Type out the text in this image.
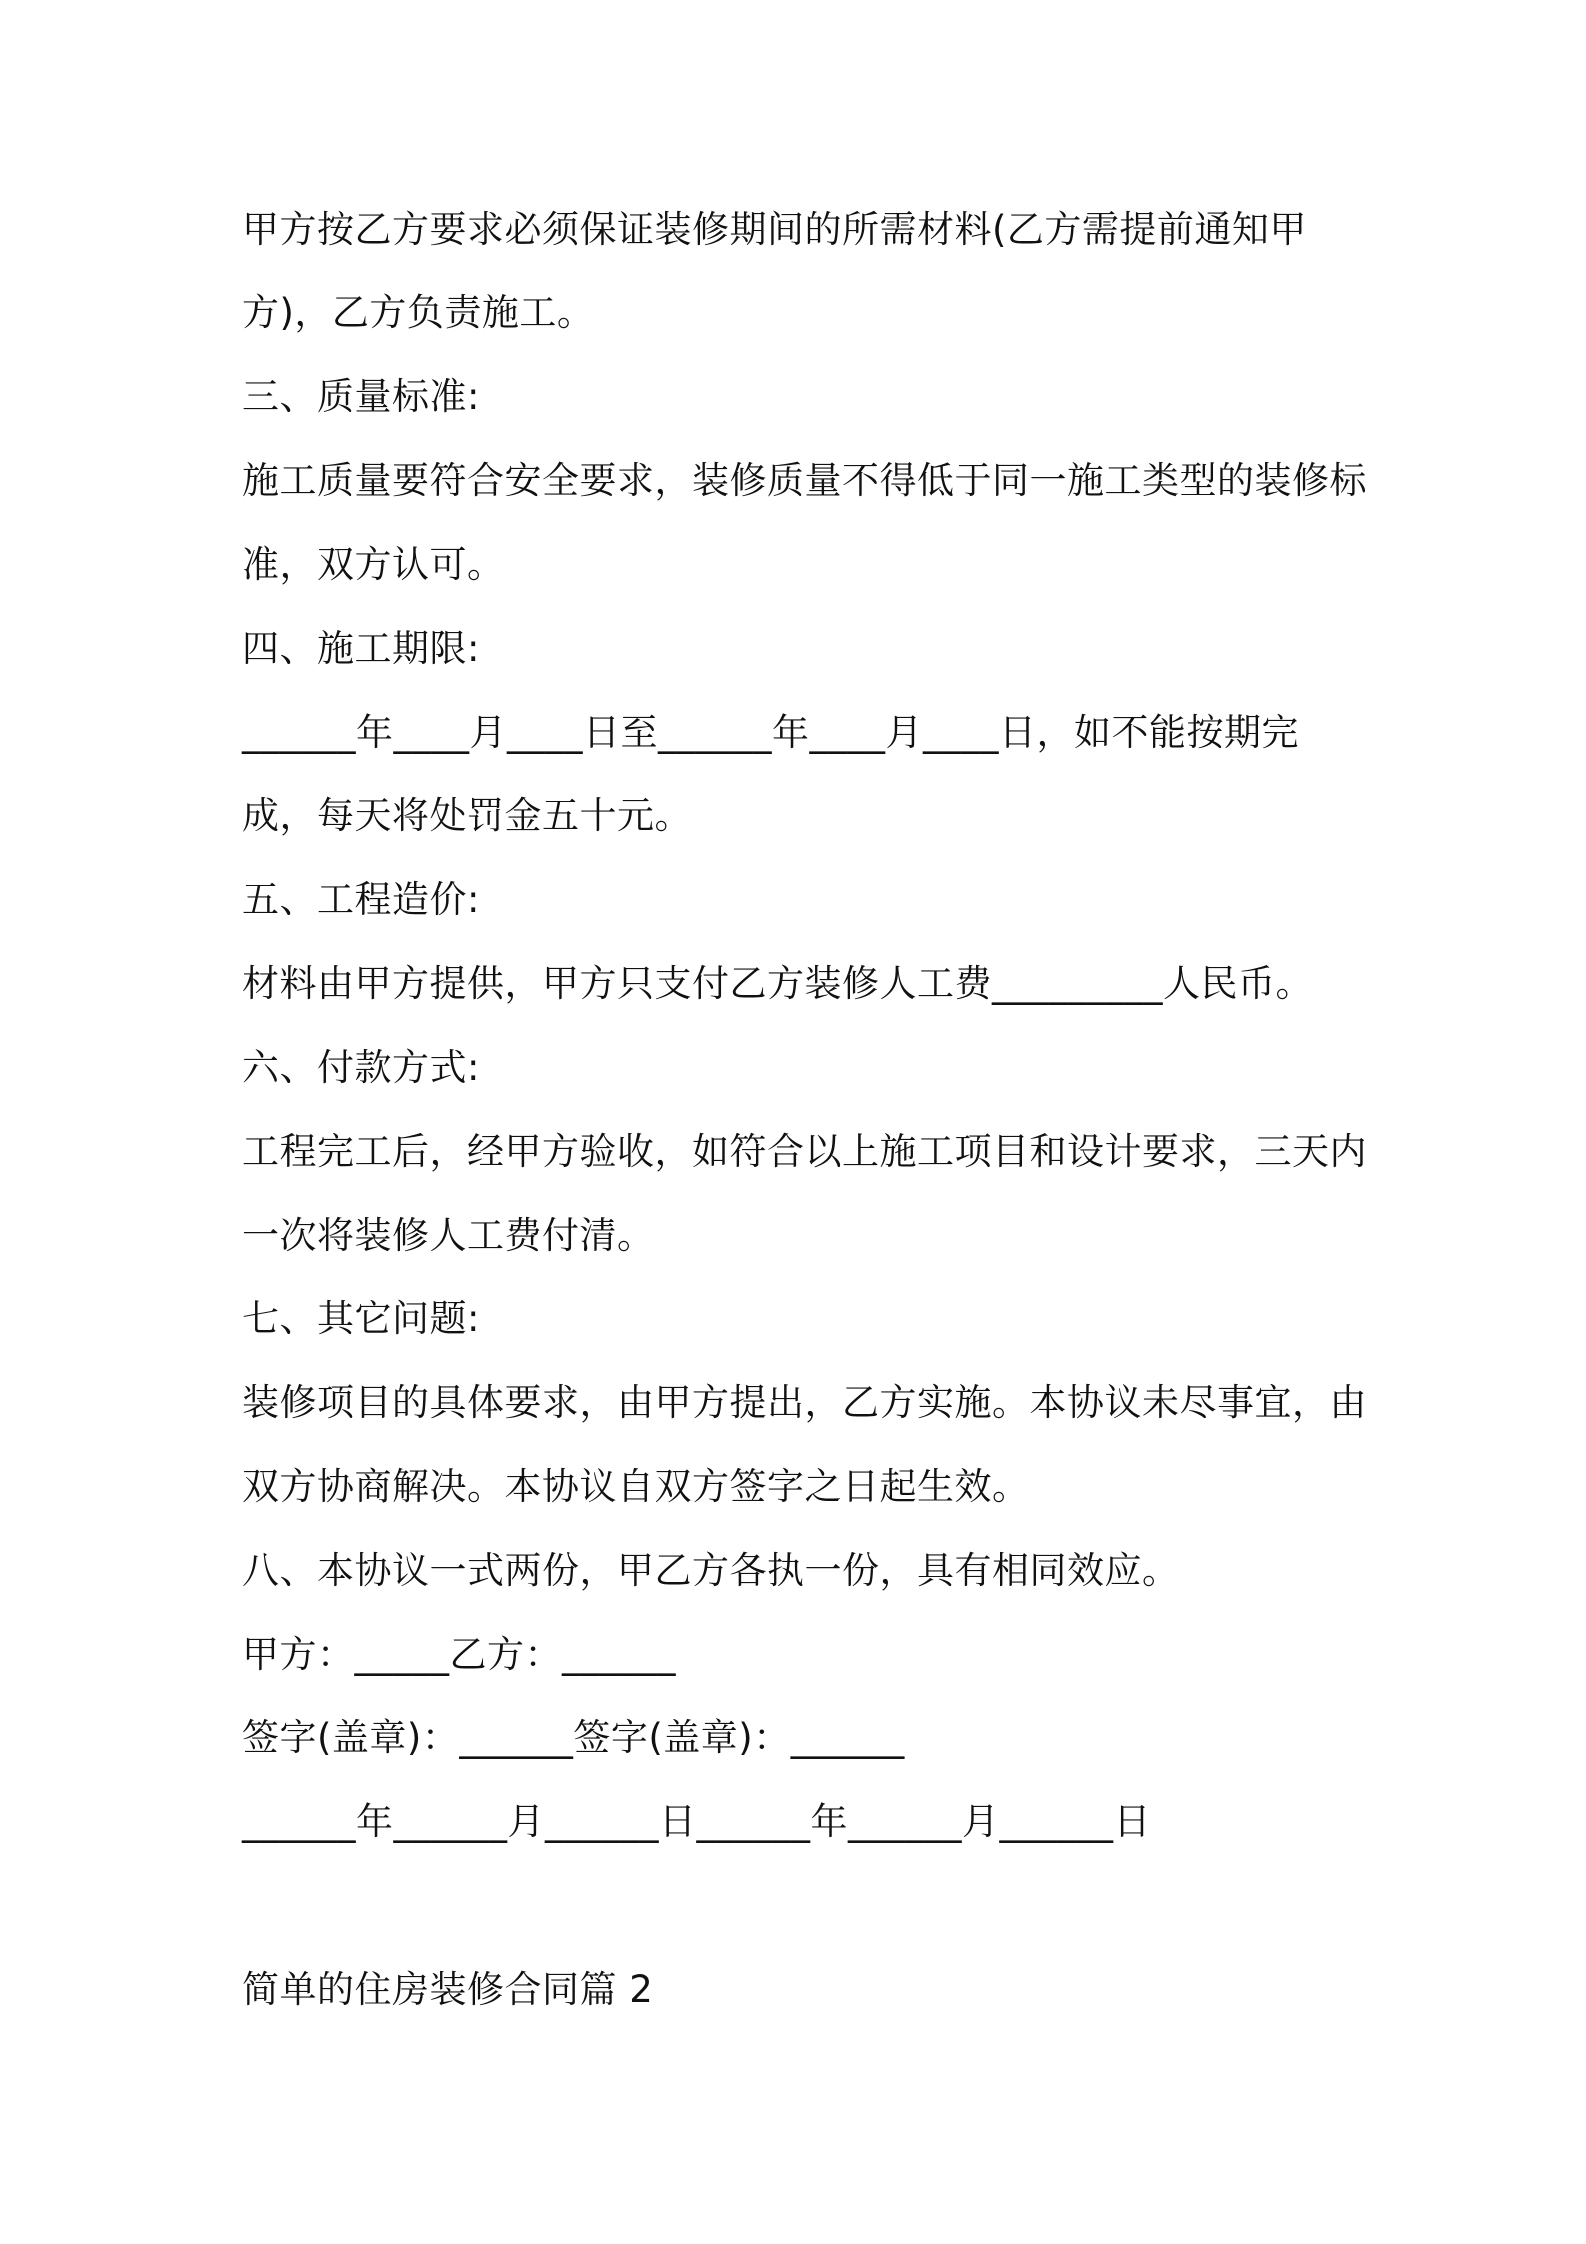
甲方按乙方要求必须保证装修期间的所需材料(乙方需提前通知甲
方)，乙方负责施工。
三、质量标准:
施工质量要符合安全要求，装修质量不得低于同一施工类型的装修标
准，双方认可。
四、施工期限:
______年____月____日至______年____月____日，如不能按期完
成，每天将处罚金五十元。
五、工程造价:
材料由甲方提供，甲方只支付乙方装修人工费_________人民币。
六、付款方式:
工程完工后，经甲方验收，如符合以上施工项目和设计要求，三天内
一次将装修人工费付清。
七、其它问题:
装修项目的具体要求，由甲方提出，乙方实施。本协议未尽事宜，由
双方协商解决。本协议自双方签字之日起生效。
八、本协议一式两份，甲乙方各执一份，具有相同效应。
甲方：_____乙方：______
签字(盖章)：______签字(盖章)：______
______年______月______日______年______月______日
简单的住房装修合同篇 2
